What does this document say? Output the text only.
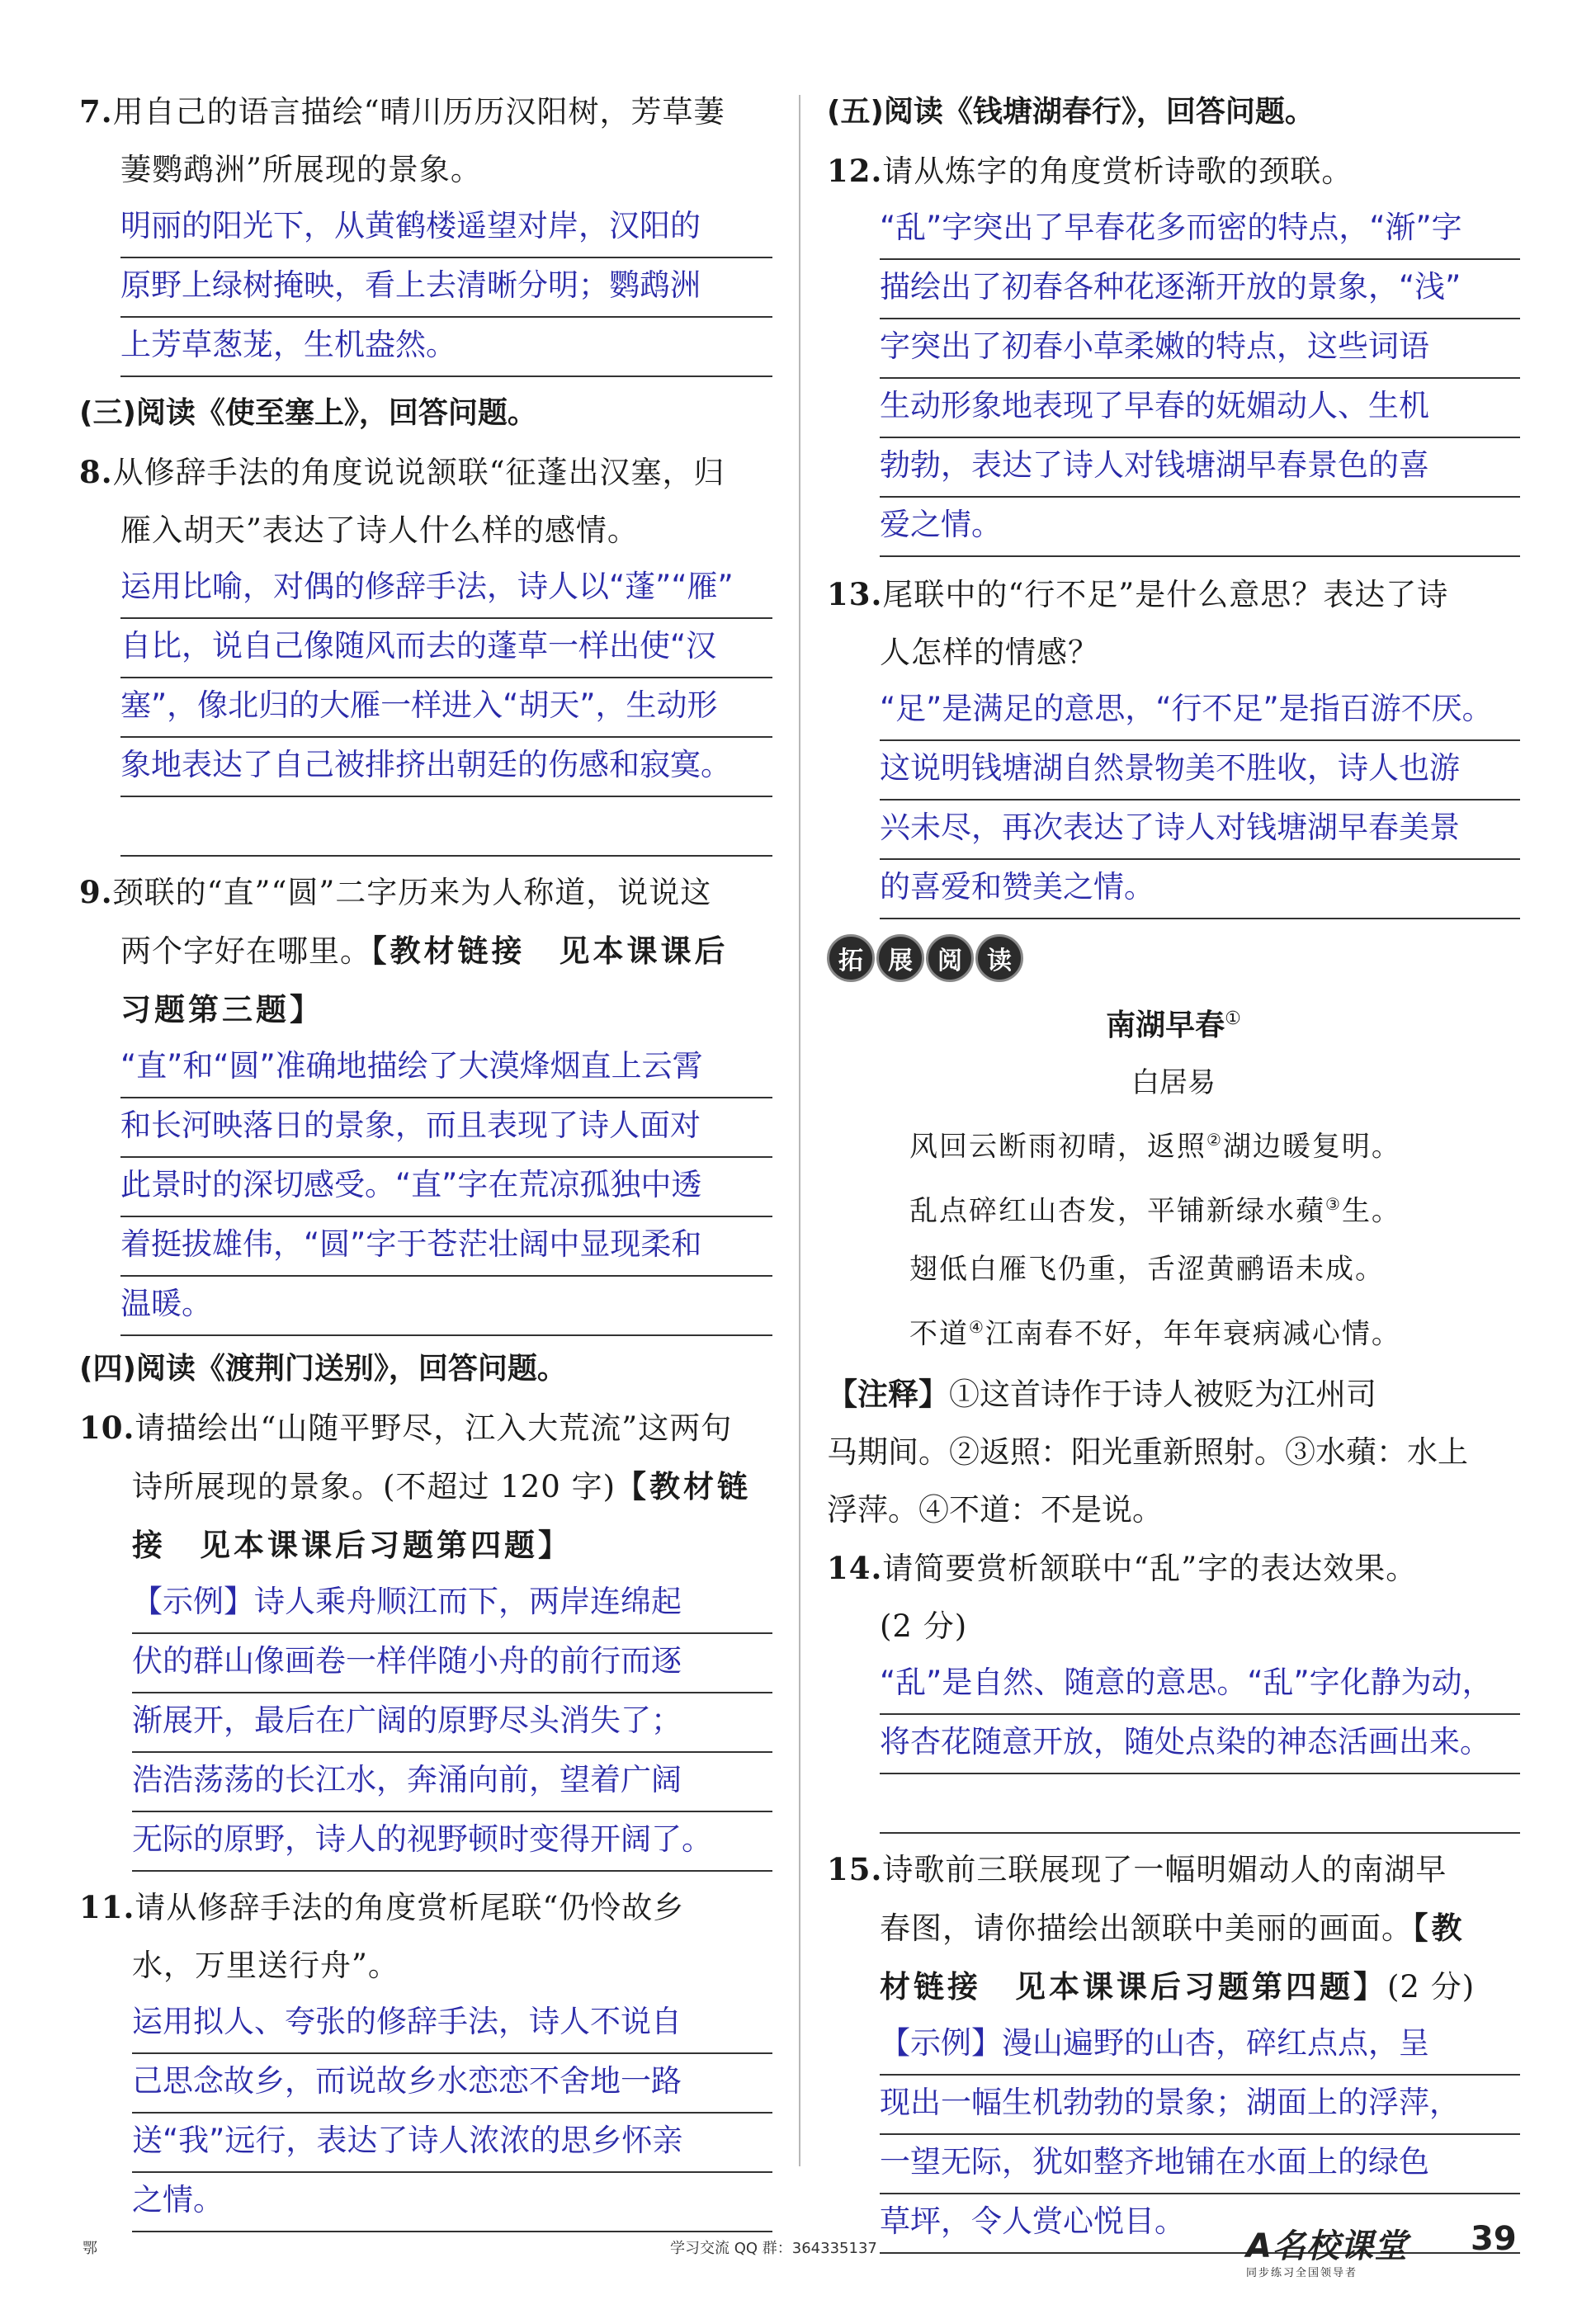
7.用自己的语言描绘“晴川历历汉阳树，芳草萋
萋鹦鹉洲”所展现的景象。
明丽的阳光下，从黄鹤楼遥望对岸，汉阳的
原野上绿树掩映，看上去清晰分明；鹦鹉洲
上芳草葱茏，生机盎然。
(三)阅读《使至塞上》，回答问题。
8.从修辞手法的角度说说颔联“征蓬出汉塞，归
雁入胡天”表达了诗人什么样的感情。
运用比喻，对偶的修辞手法，诗人以“蓬”“雁”
自比，说自己像随风而去的蓬草一样出使“汉
塞”，像北归的大雁一样进入“胡天”，生动形
象地表达了自己被排挤出朝廷的伤感和寂寞。
9.颈联的“直”“圆”二字历来为人称道，说说这
两个字好在哪里。【教材链接　见本课课后
习题第三题】
“直”和“圆”准确地描绘了大漠烽烟直上云霄
和长河映落日的景象，而且表现了诗人面对
此景时的深切感受。“直”字在荒凉孤独中透
着挺拔雄伟，“圆”字于苍茫壮阔中显现柔和
温暖。
(四)阅读《渡荆门送别》，回答问题。
10.请描绘出“山随平野尽，江入大荒流”这两句
诗所展现的景象。(不超过 120 字)【教材链
接　见本课课后习题第四题】
【示例】诗人乘舟顺江而下，两岸连绵起
伏的群山像画卷一样伴随小舟的前行而逐
渐展开，最后在广阔的原野尽头消失了；
浩浩荡荡的长江水，奔涌向前，望着广阔
无际的原野，诗人的视野顿时变得开阔了。
11.请从修辞手法的角度赏析尾联“仍怜故乡
水，万里送行舟”。
运用拟人、夸张的修辞手法，诗人不说自
己思念故乡，而说故乡水恋恋不舍地一路
送“我”远行，表达了诗人浓浓的思乡怀亲
之情。
(五)阅读《钱塘湖春行》，回答问题。
12.请从炼字的角度赏析诗歌的颈联。
“乱”字突出了早春花多而密的特点，“渐”字
描绘出了初春各种花逐渐开放的景象，“浅”
字突出了初春小草柔嫩的特点，这些词语
生动形象地表现了早春的妩媚动人、生机
勃勃，表达了诗人对钱塘湖早春景色的喜
爱之情。
13.尾联中的“行不足”是什么意思？表达了诗
人怎样的情感？
“足”是满足的意思，“行不足”是指百游不厌。
这说明钱塘湖自然景物美不胜收，诗人也游
兴未尽，再次表达了诗人对钱塘湖早春美景
的喜爱和赞美之情。
拓	展	阅	读
南湖早春①
白居易
风回云断雨初晴，返照②湖边暖复明。
乱点碎红山杏发，平铺新绿水蘋③生。
翅低白雁飞仍重，舌涩黄鹂语未成。
不道④江南春不好，年年衰病减心情。
【注释】①这首诗作于诗人被贬为江州司
马期间。②返照：阳光重新照射。③水蘋：水上
浮萍。④不道：不是说。
14.请简要赏析颔联中“乱”字的表达效果。
(2 分)
“乱”是自然、随意的意思。“乱”字化静为动，
将杏花随意开放，随处点染的神态活画出来。
15.诗歌前三联展现了一幅明媚动人的南湖早
春图，请你描绘出颔联中美丽的画面。【教
材链接　见本课课后习题第四题】(2 分)
【示例】漫山遍野的山杏，碎红点点，呈
现出一幅生机勃勃的景象；湖面上的浮萍，
一望无际，犹如整齐地铺在水面上的绿色
草坪，令人赏心悦目。
鄂	学习交流 QQ 群：364335137	A名校课堂
同步练习全国领导者
39
